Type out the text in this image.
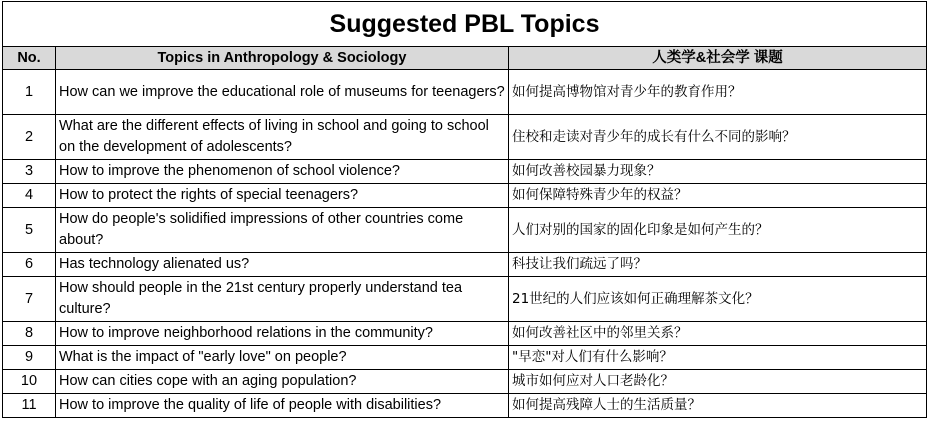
Suggested PBL Topics		
No.	Topics in Anthropology & Sociology	人类学&社会学 课题
1	How can we improve the educational role of museums for teenagers?	如何提高博物馆对青少年的教育作用？
2	What are the different effects of living in school and going to school on the development of adolescents?	住校和走读对青少年的成长有什么不同的影响？
3	How to improve the phenomenon of school violence?	如何改善校园暴力现象？
4	How to protect the rights of special teenagers?	如何保障特殊青少年的权益？
5	How do people's solidified impressions of other countries come about?	人们对别的国家的固化印象是如何产生的？
6	Has technology alienated us?	科技让我们疏远了吗？
7	How should people in the 21st century properly understand tea culture?	21世纪的人们应该如何正确理解茶文化？
8	How to improve neighborhood relations in the community?	如何改善社区中的邻里关系？
9	What is the impact of "early love" on people?	"早恋"对人们有什么影响？
10	How can cities cope with an aging population?	城市如何应对人口老龄化？
11	How to improve the quality of life of people with disabilities?	如何提高残障人士的生活质量？
